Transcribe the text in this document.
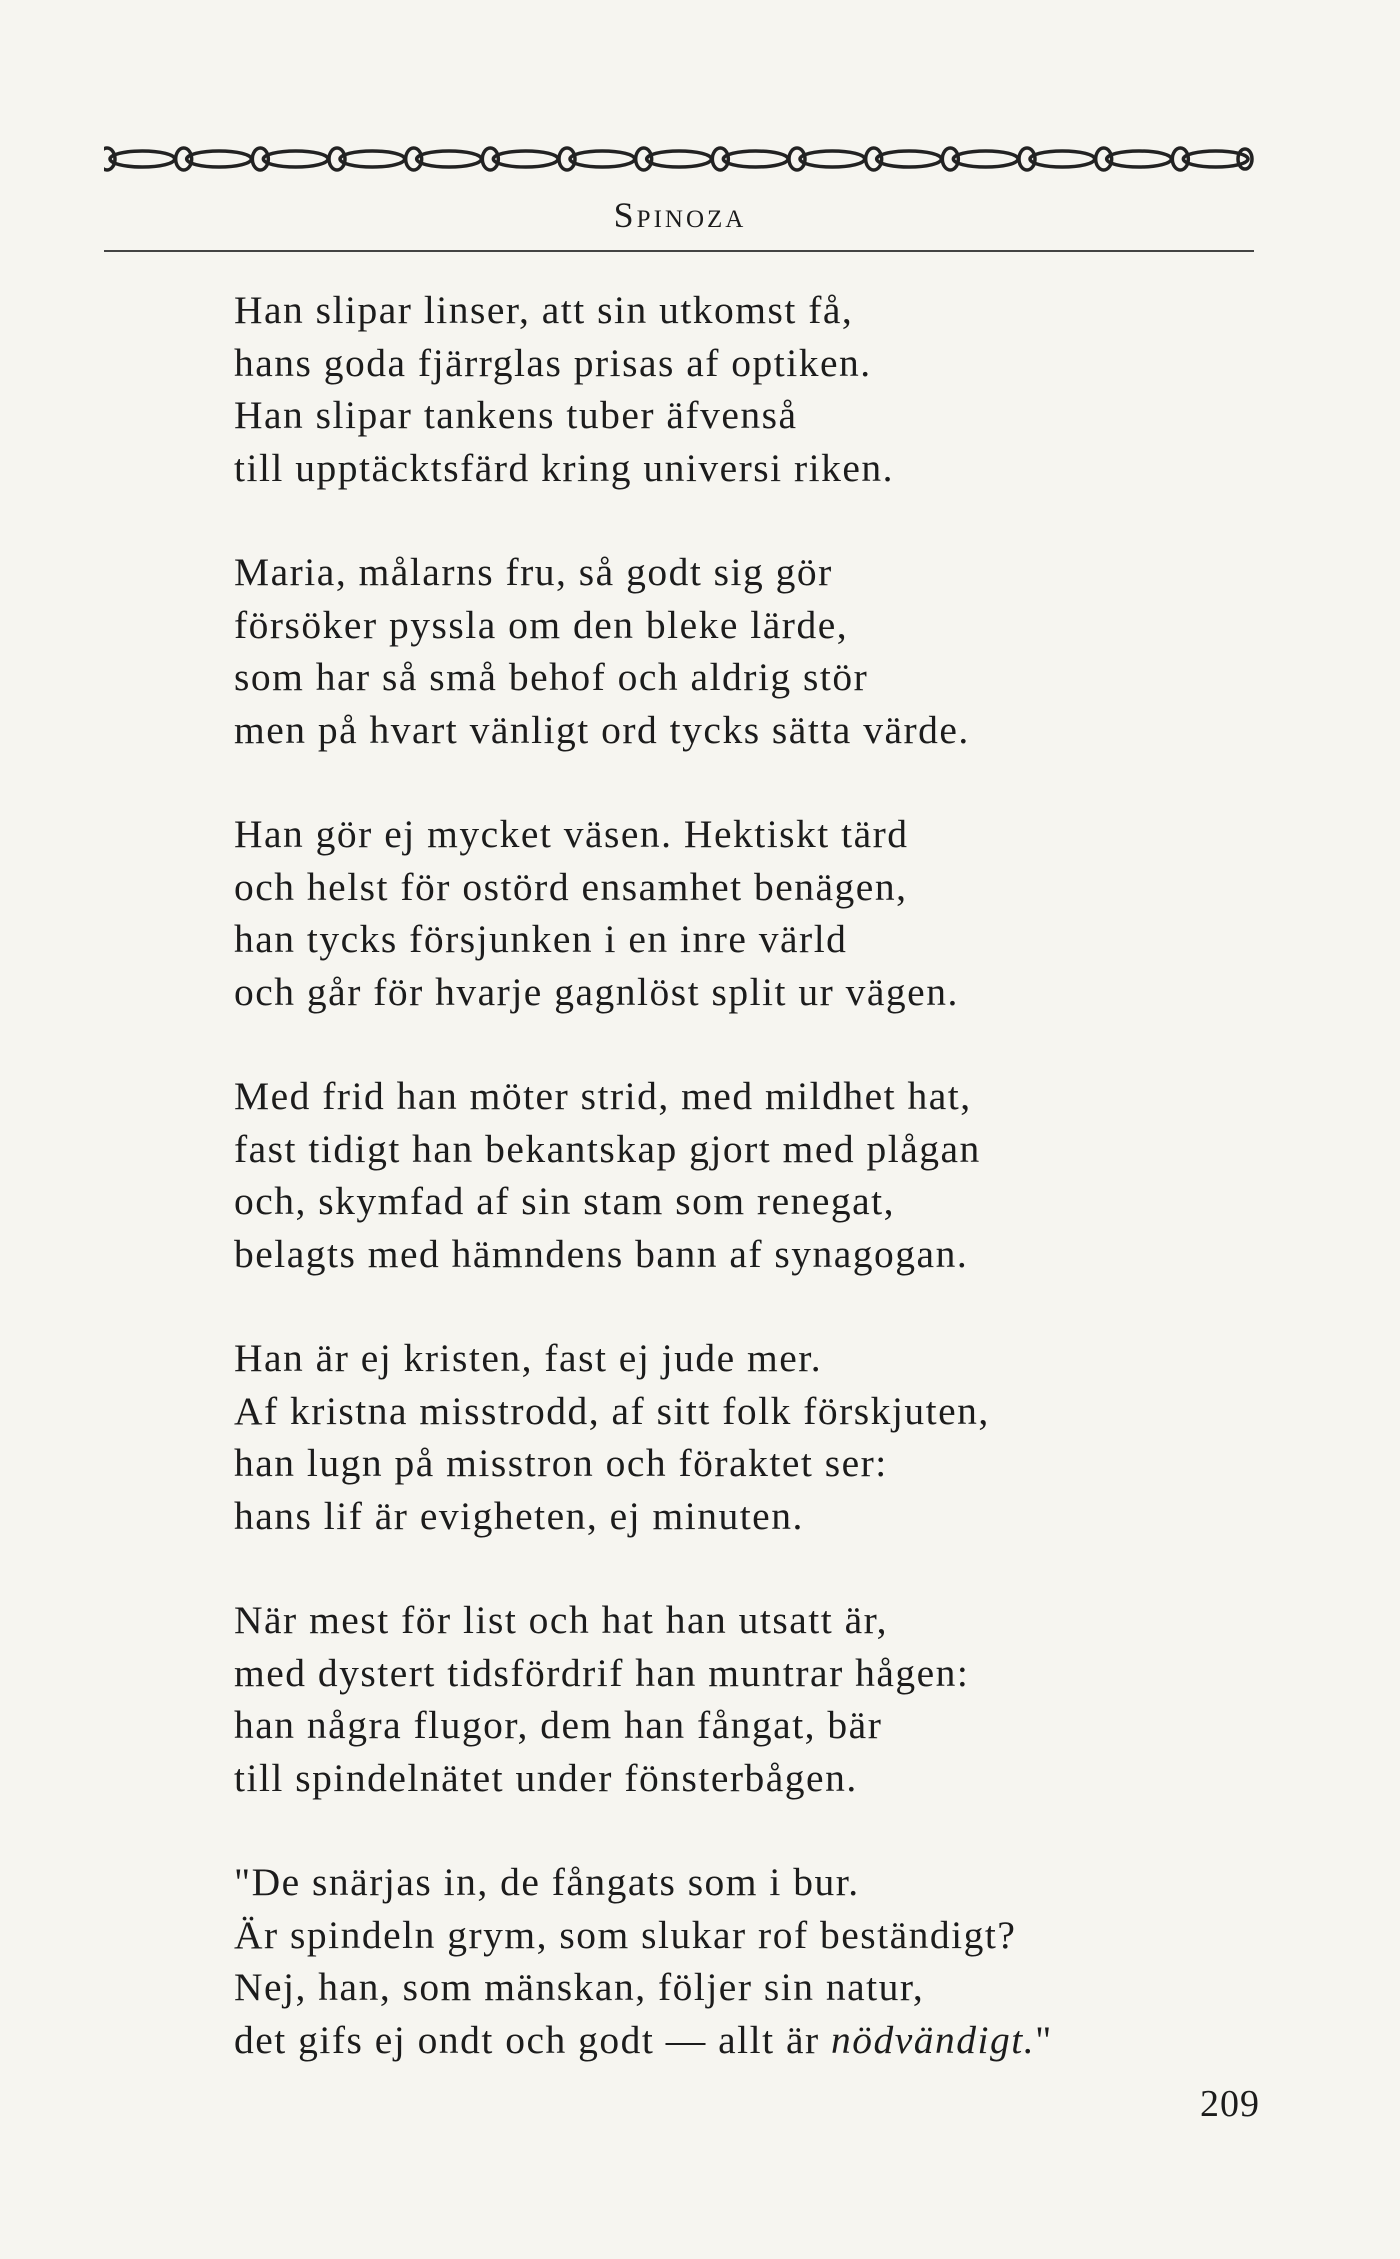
Spinoza
Han slipar linser, att sin utkomst få,
hans goda fjärrglas prisas af optiken.
Han slipar tankens tuber äfvenså
till upptäcktsfärd kring universi riken.
Maria, målarns fru, så godt sig gör
försöker pyssla om den bleke lärde,
som har så små behof och aldrig stör
men på hvart vänligt ord tycks sätta värde.
Han gör ej mycket väsen. Hektiskt tärd
och helst för ostörd ensamhet benägen,
han tycks försjunken i en inre värld
och går för hvarje gagnlöst split ur vägen.
Med frid han möter strid, med mildhet hat,
fast tidigt han bekantskap gjort med plågan
och, skymfad af sin stam som renegat,
belagts med hämndens bann af synagogan.
Han är ej kristen, fast ej jude mer.
Af kristna misstrodd, af sitt folk förskjuten,
han lugn på misstron och föraktet ser:
hans lif är evigheten, ej minuten.
När mest för list och hat han utsatt är,
med dystert tidsfördrif han muntrar hågen:
han några flugor, dem han fångat, bär
till spindelnätet under fönsterbågen.
"De snärjas in, de fångats som i bur.
Är spindeln grym, som slukar rof beständigt?
Nej, han, som mänskan, följer sin natur,
det gifs ej ondt och godt — allt är nödvändigt."
209
